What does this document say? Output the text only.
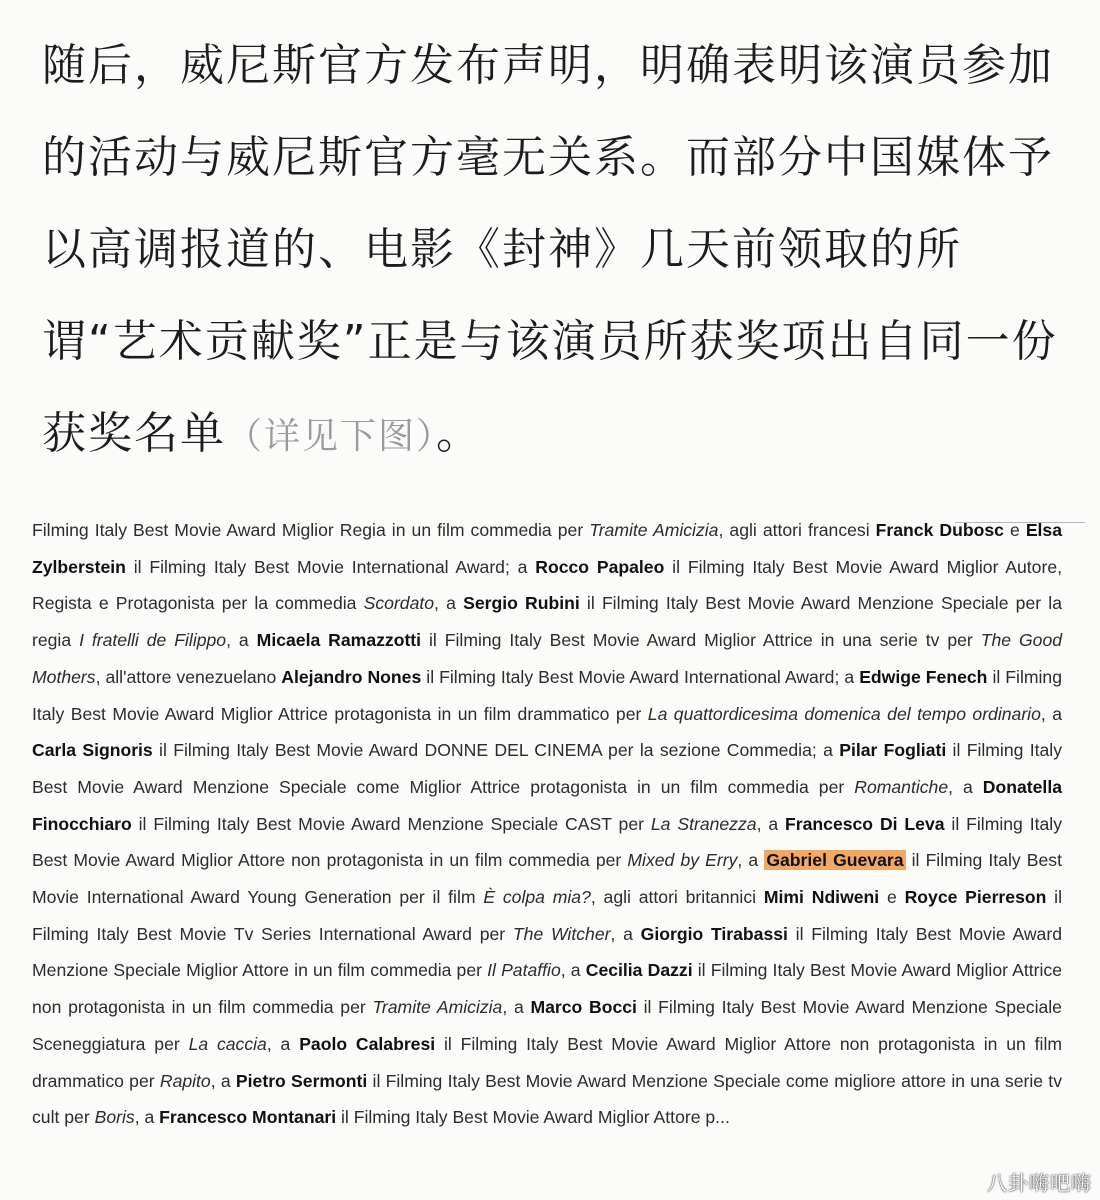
随后，威尼斯官方发布声明，明确表明该演员参加的活动与威尼斯官方毫无关系。而部分中国媒体予以高调报道的、电影《封神》几天前领取的所谓“艺术贡献奖”正是与该演员所获奖项出自同一份获奖名单（详见下图）。

Filming Italy Best Movie Award Miglior Regia in un film commedia per Tramite Amicizia, agli attori francesi Franck Dubosc e Elsa Zylberstein il Filming Italy Best Movie International Award; a Rocco Papaleo il Filming Italy Best Movie Award Miglior Autore, Regista e Protagonista per la commedia Scordato, a Sergio Rubini il Filming Italy Best Movie Award Menzione Speciale per la regia I fratelli de Filippo, a Micaela Ramazzotti il Filming Italy Best Movie Award Miglior Attrice in una serie tv per The Good Mothers, all'attore venezuelano Alejandro Nones il Filming Italy Best Movie Award International Award; a Edwige Fenech il Filming Italy Best Movie Award Miglior Attrice protagonista in un film drammatico per La quattordicesima domenica del tempo ordinario, a Carla Signoris il Filming Italy Best Movie Award DONNE DEL CINEMA per la sezione Commedia; a Pilar Fogliati il Filming Italy Best Movie Award Menzione Speciale come Miglior Attrice protagonista in un film commedia per Romantiche, a Donatella Finocchiaro il Filming Italy Best Movie Award Menzione Speciale CAST per La Stranezza, a Francesco Di Leva il Filming Italy Best Movie Award Miglior Attore non protagonista in un film commedia per Mixed by Erry, a Gabriel Guevara il Filming Italy Best Movie International Award Young Generation per il film È colpa mia?, agli attori britannici Mimi Ndiweni e Royce Pierreson il Filming Italy Best Movie Tv Series International Award per The Witcher, a Giorgio Tirabassi il Filming Italy Best Movie Award Menzione Speciale Miglior Attore in un film commedia per Il Pataffio, a Cecilia Dazzi il Filming Italy Best Movie Award Miglior Attrice non protagonista in un film commedia per Tramite Amicizia, a Marco Bocci il Filming Italy Best Movie Award Menzione Speciale Sceneggiatura per La caccia, a Paolo Calabresi il Filming Italy Best Movie Award Miglior Attore non protagonista in un film drammatico per Rapito, a Pietro Sermonti il Filming Italy Best Movie Award Menzione Speciale come migliore attore in una serie tv cult per Boris, a Francesco Montanari il Filming Italy Best Movie Award Miglior Attore p...

八卦嗨吧嗨
